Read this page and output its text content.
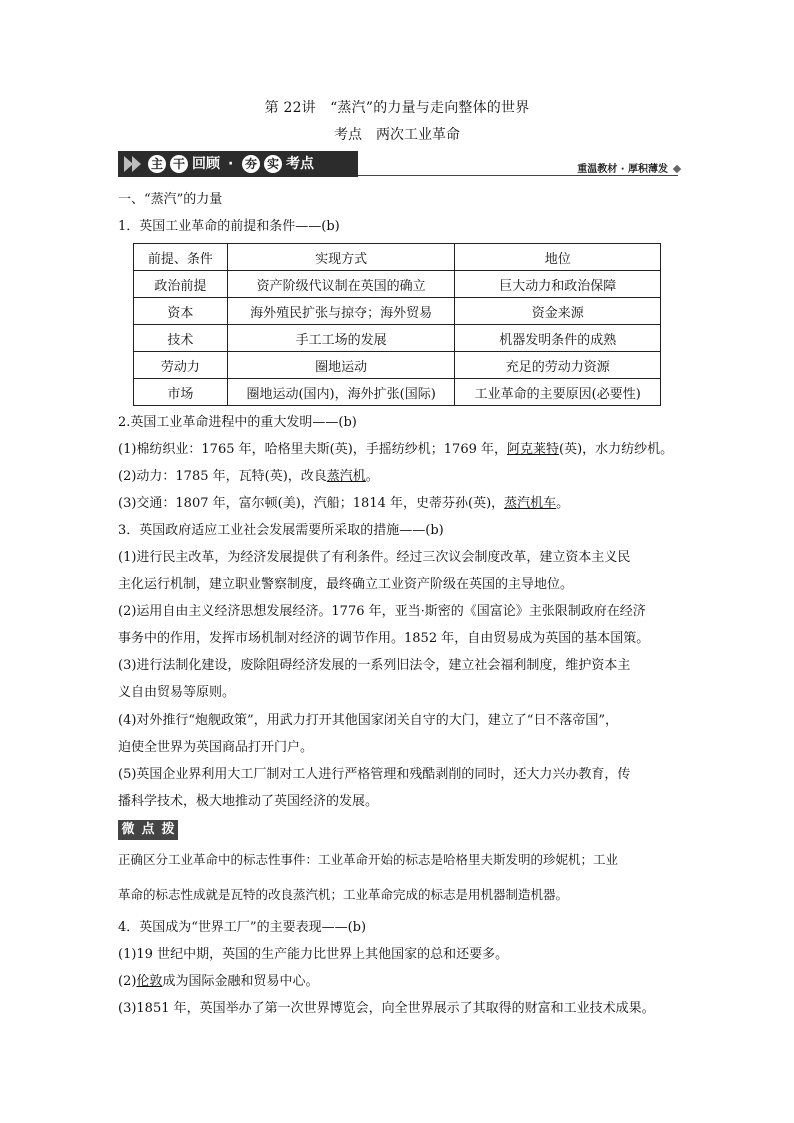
第 22讲　“蒸汽”的力量与走向整体的世界
考点　两次工业革命
主 干 回顾 · 夯 实 考点	重温教材 · 厚积薄发
一、“蒸汽”的力量
1．英国工业革命的前提和条件——(b)
前提、条件	实现方式	地位
政治前提	资产阶级代议制在英国的确立	巨大动力和政治保障
资本	海外殖民扩张与掠夺；海外贸易	资金来源
技术	手工工场的发展	机器发明条件的成熟
劳动力	圈地运动	充足的劳动力资源
市场	圈地运动(国内)，海外扩张(国际)	工业革命的主要原因(必要性)
2.英国工业革命进程中的重大发明——(b)
(1)棉纺织业：1765 年，哈格里夫斯(英)，手摇纺纱机；1769 年，阿克莱特(英)，水力纺纱机。
(2)动力：1785 年，瓦特(英)，改良蒸汽机。
(3)交通：1807 年，富尔顿(美)，汽船；1814 年，史蒂芬孙(英)，蒸汽机车。
3．英国政府适应工业社会发展需要所采取的措施——(b)
(1)进行民主改革，为经济发展提供了有利条件。经过三次议会制度改革，建立资本主义民
主化运行机制，建立职业警察制度，最终确立工业资产阶级在英国的主导地位。
(2)运用自由主义经济思想发展经济。1776 年，亚当·斯密的《国富论》主张限制政府在经济
事务中的作用，发挥市场机制对经济的调节作用。1852 年，自由贸易成为英国的基本国策。
(3)进行法制化建设，废除阻碍经济发展的一系列旧法令，建立社会福利制度，维护资本主
义自由贸易等原则。
(4)对外推行“炮舰政策”，用武力打开其他国家闭关自守的大门，建立了“日不落帝国”，
迫使全世界为英国商品打开门户。
(5)英国企业界利用大工厂制对工人进行严格管理和残酷剥削的同时，还大力兴办教育，传
播科学技术，极大地推动了英国经济的发展。
微 点 拨
正确区分工业革命中的标志性事件：工业革命开始的标志是哈格里夫斯发明的珍妮机；工业
革命的标志性成就是瓦特的改良蒸汽机；工业革命完成的标志是用机器制造机器。
4．英国成为“世界工厂”的主要表现——(b)
(1)19 世纪中期，英国的生产能力比世界上其他国家的总和还要多。
(2)伦敦成为国际金融和贸易中心。
(3)1851 年，英国举办了第一次世界博览会，向全世界展示了其取得的财富和工业技术成果。
